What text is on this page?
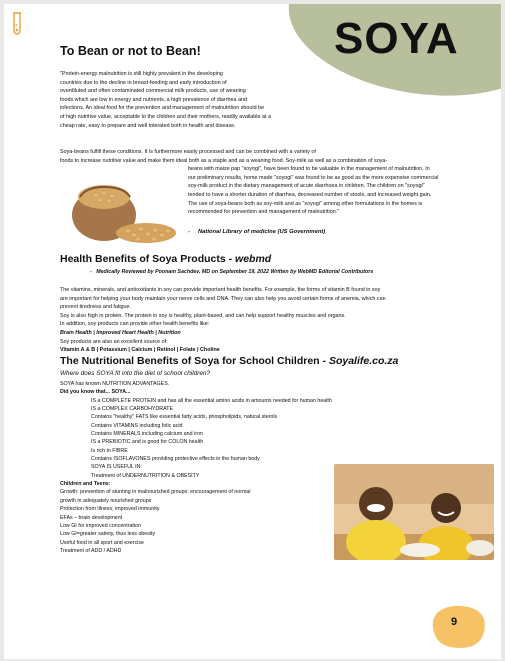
SOYA
To Bean or not to Bean!
"Protein-energy malnutrition is still highly prevalent in the developing
countries due to the decline in breast-feeding and early introduction of
overdiluted and often contaminated commercial milk products, use of weaning
foods which are low in energy and nutrients, a high prevalence of diarrhea and
infections. An ideal food for the prevention and management of malnutrition should be
of high nutritive value, acceptable to the children and their mothers, readily available at a
cheap rate, easy to prepare and well tolerated both in health and disease.
Soya-beans fulfill these conditions. It is furthermore easily processed and can be combined with a variety of
foods to increase nutritive value and make them ideal both as a staple and as a weaning food. Soy-milk as well as a combination of soya-
beans with maize pap "soyogi", have been found to be valuable in the management of malnutrition. In
our preliminary results, home made "soyogi" was found to be as good as the more expensive commercial
soy-milk product in the dietary management of acute diarrhoea in children. The children on "soyogi"
tended to have a shorter duration of diarrhea, decreased number of stools, and increased weight gain.
The use of soya-beans both as soy-milk and as "soyogi" among other formulations in the homes is
recommended for prevention and management of malnutrition."
-     National Library of medicine (US Government)
Health Benefits of Soya Products - webmd
-   Medically Reviewed by Poonam Sachdev, MD on September 19, 2022 Written by WebMD Editorial Contributors
The vitamins, minerals, and antioxidants in soy can provide important health benefits. For example, the forms of vitamin B found in soy
are important for helping your body maintain your nerve cells and DNA. They can also help you avoid certain forms of anemia, which can
prevent tiredness and fatigue.
Soy is also high in protein. The protein in soy is healthy, plant-based, and can help support healthy muscles and organs.
In addition, soy products can provide other health benefits like:
Brain Health | Improved Heart Health | Nutrition
Soy products are also an excellent source of:
Vitamin A & B | Potassium | Calcium | Retinol | Folate | Choline
The Nutritional Benefits of Soya for School Children - Soyalife.co.za
Where does SOYA fit into the diet of school children?
SOYA has known NUTRITION ADVANTAGES.
Did you know that... SOYA...
IS a COMPLETE PROTEIN and has all the essential amino acids in amounts needed for human health
IS a COMPLEX CARBOHYDRATE
Contains "healthy" FATS like essential fatty acids, phospholipids, natural sterols
Contains VITAMINS including folic acid
Contains MINERALS including calcium and iron
IS a PREBIOTIC and is good for COLON health
Is rich in FIBRE
Contains ISOFLAVONES providing protective effects in the human body
SOYA IS USEFUL IN:
Treatment of UNDERNUTRITION & OBESITY
Children and Teens:
Growth: prevention of stunting in malnourished groups; encouragement of normal
growth in adequately nourished groups
Protection from illness; improved immunity
EFAs – brain development
Low GI for improved concentration
Low GI=greater satiety, thus less obesity
Useful food in all sport and exercise
Treatment of ADD / ADHD
9
